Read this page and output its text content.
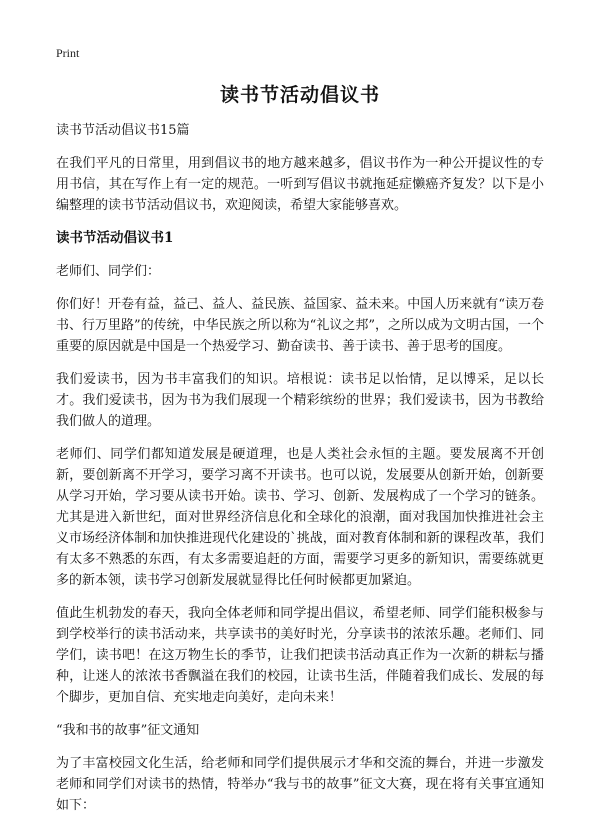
Print
读书节活动倡议书

读书节活动倡议书15篇

在我们平凡的日常里，用到倡议书的地方越来越多，倡议书作为一种公开提议性的专用书信，其在写作上有一定的规范。一听到写倡议书就拖延症懒癌齐复发？以下是小编整理的读书节活动倡议书，欢迎阅读，希望大家能够喜欢。

读书节活动倡议书1

老师们、同学们：

你们好！开卷有益，益己、益人、益民族、益国家、益未来。中国人历来就有“读万卷书、行万里路”的传统，中华民族之所以称为“礼议之邦”，之所以成为文明古国，一个重要的原因就是中国是一个热爱学习、勤奋读书、善于读书、善于思考的国度。

我们爱读书，因为书丰富我们的知识。培根说：读书足以怡情，足以博采，足以长才。我们爱读书，因为书为我们展现一个精彩缤纷的世界；我们爱读书，因为书教给我们做人的道理。

老师们、同学们都知道发展是硬道理，也是人类社会永恒的主题。要发展离不开创新，要创新离不开学习，要学习离不开读书。也可以说，发展要从创新开始，创新要从学习开始，学习要从读书开始。读书、学习、创新、发展构成了一个学习的链条。尤其是进入新世纪，面对世界经济信息化和全球化的浪潮，面对我国加快推进社会主义市场经济体制和加快推进现代化建设的`挑战，面对教育体制和新的课程改革，我们有太多不熟悉的东西，有太多需要追赶的方面，需要学习更多的新知识，需要练就更多的新本领，读书学习创新发展就显得比任何时候都更加紧迫。

值此生机勃发的春天，我向全体老师和同学提出倡议，希望老师、同学们能积极参与到学校举行的读书活动来，共享读书的美好时光，分享读书的浓浓乐趣。老师们、同学们，读书吧！在这万物生长的季节，让我们把读书活动真正作为一次新的耕耘与播种，让迷人的浓浓书香飘溢在我们的校园，让读书生活，伴随着我们成长、发展的每个脚步，更加自信、充实地走向美好，走向未来！

“我和书的故事”征文通知

为了丰富校园文化生活，给老师和同学们提供展示才华和交流的舞台，并进一步激发老师和同学们对读书的热情，特举办“我与书的故事”征文大赛，现在将有关事宜通知如下：
